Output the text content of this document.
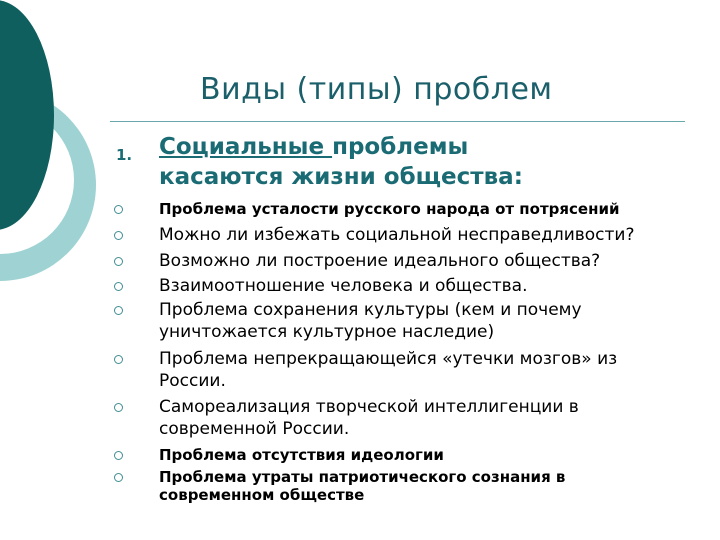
Виды (типы) проблем
1. Социальные проблемы
касаются жизни общества:
Проблема усталости русского народа от потрясений
Можно ли избежать социальной несправедливости?
Возможно ли построение идеального общества?
Взаимоотношение человека и общества.
Проблема сохранения культуры (кем и почему уничтожается культурное наследие)
Проблема непрекращающейся «утечки мозгов» из России.
Самореализация творческой интеллигенции в современной России.
Проблема отсутствия идеологии
Проблема утраты патриотического сознания в современном обществе
